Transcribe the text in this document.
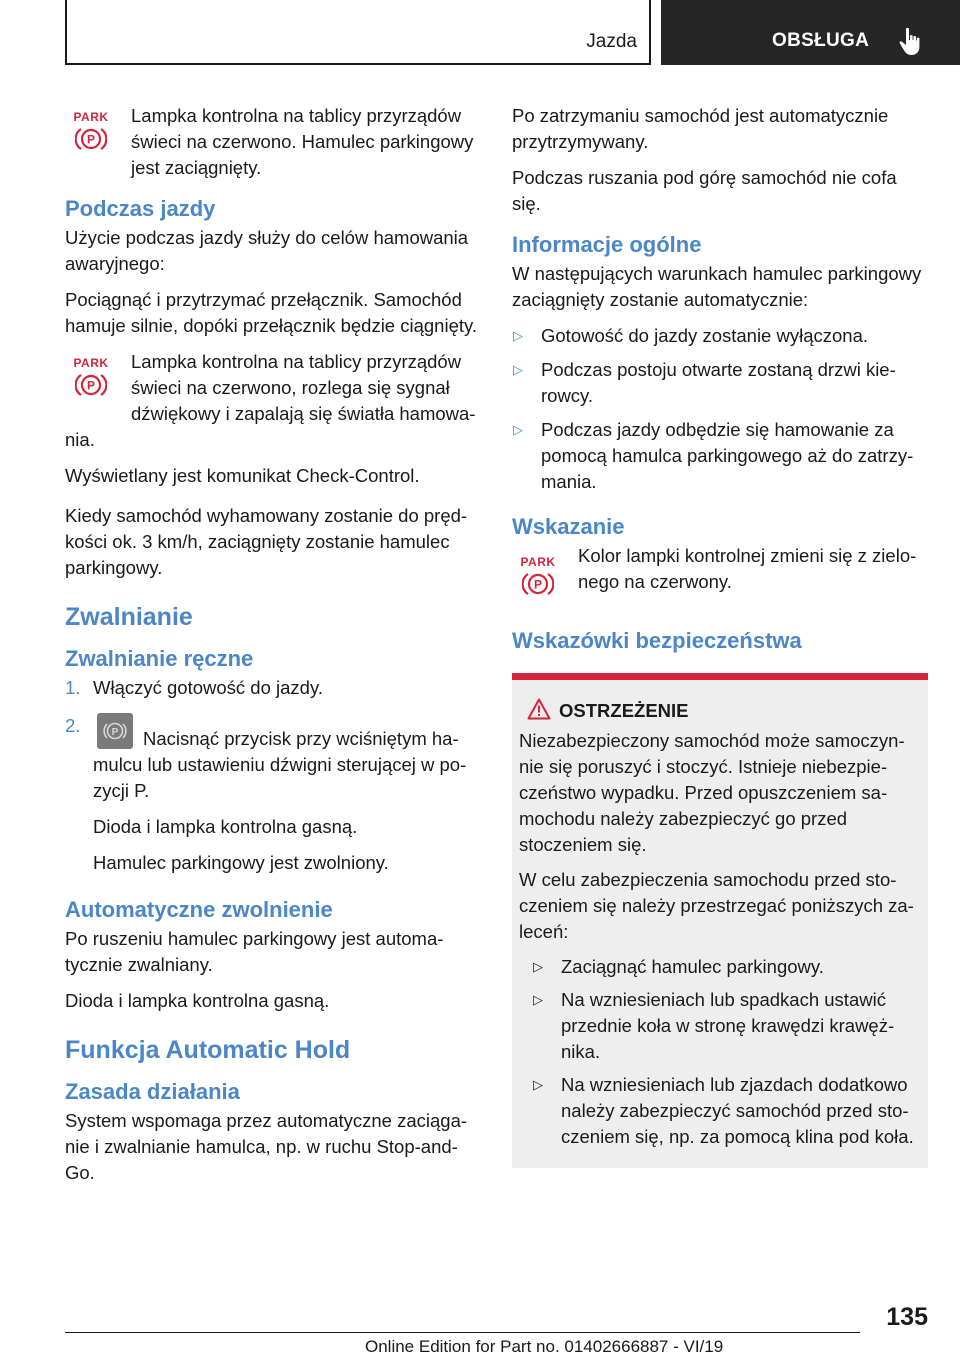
Jazda	OBSŁUGA
PARK
P

Lampka kontrolna na tablicy przyrządów świeci na czerwono. Hamulec parkingowy jest zaciągnięty.

Podczas jazdy

Użycie podczas jazdy służy do celów hamowania awaryjnego:

Pociągnąć i przytrzymać przełącznik. Samochód hamuje silnie, dopóki przełącznik będzie ciągnięty.

PARK
P

Lampka kontrolna na tablicy przyrządów świeci na czerwono, rozlega się sygnał dźwiękowy i zapalają się światła hamowania.

Wyświetlany jest komunikat Check-Control.

Kiedy samochód wyhamowany zostanie do prędkości ok. 3 km/h, zaciągnięty zostanie hamulec parkingowy.

Zwalnianie
Zwalnianie ręczne
1. Włączyć gotowość do jazdy.
2.	P Nacisnąć przycisk przy wciśniętym hamulcu lub ustawieniu dźwigni sterującej w pozycji P.

Dioda i lampka kontrolna gasną.

Hamulec parkingowy jest zwolniony.

Automatyczne zwolnienie

Po ruszeniu hamulec parkingowy jest automatycznie zwalniany.

Dioda i lampka kontrolna gasną.

Funkcja Automatic Hold
Zasada działania

System wspomaga przez automatyczne zaciąganie i zwalnianie hamulca, np. w ruchu Stop-and-Go.

Po zatrzymaniu samochód jest automatycznie przytrzymywany.

Podczas ruszania pod górę samochód nie cofa się.

Informacje ogólne

W następujących warunkach hamulec parkingowy zaciągnięty zostanie automatycznie:

▷ Gotowość do jazdy zostanie wyłączona.
▷ Podczas postoju otwarte zostaną drzwi kierowcy.
▷ Podczas jazdy odbędzie się hamowanie za pomocą hamulca parkingowego aż do zatrzymania.
Wskazanie
PARK
P

Kolor lampki kontrolnej zmieni się z zielonego na czerwony.

Wskazówki bezpieczeństwa
OSTRZEŻENIE

Niezabezpieczony samochód może samoczynnie się poruszyć i stoczyć. Istnieje niebezpieczeństwo wypadku. Przed opuszczeniem samochodu należy zabezpieczyć go przed stoczeniem się.

W celu zabezpieczenia samochodu przed stoczeniem się należy przestrzegać poniższych zaleceń:

▷ Zaciągnąć hamulec parkingowy.
▷ Na wzniesieniach lub spadkach ustawić przednie koła w stronę krawędzi krawężnika.
▷ Na wzniesieniach lub zjazdach dodatkowo należy zabezpieczyć samochód przed stoczeniem się, np. za pomocą klina pod koła.
135
Online Edition for Part no. 01402666887 - VI/19
